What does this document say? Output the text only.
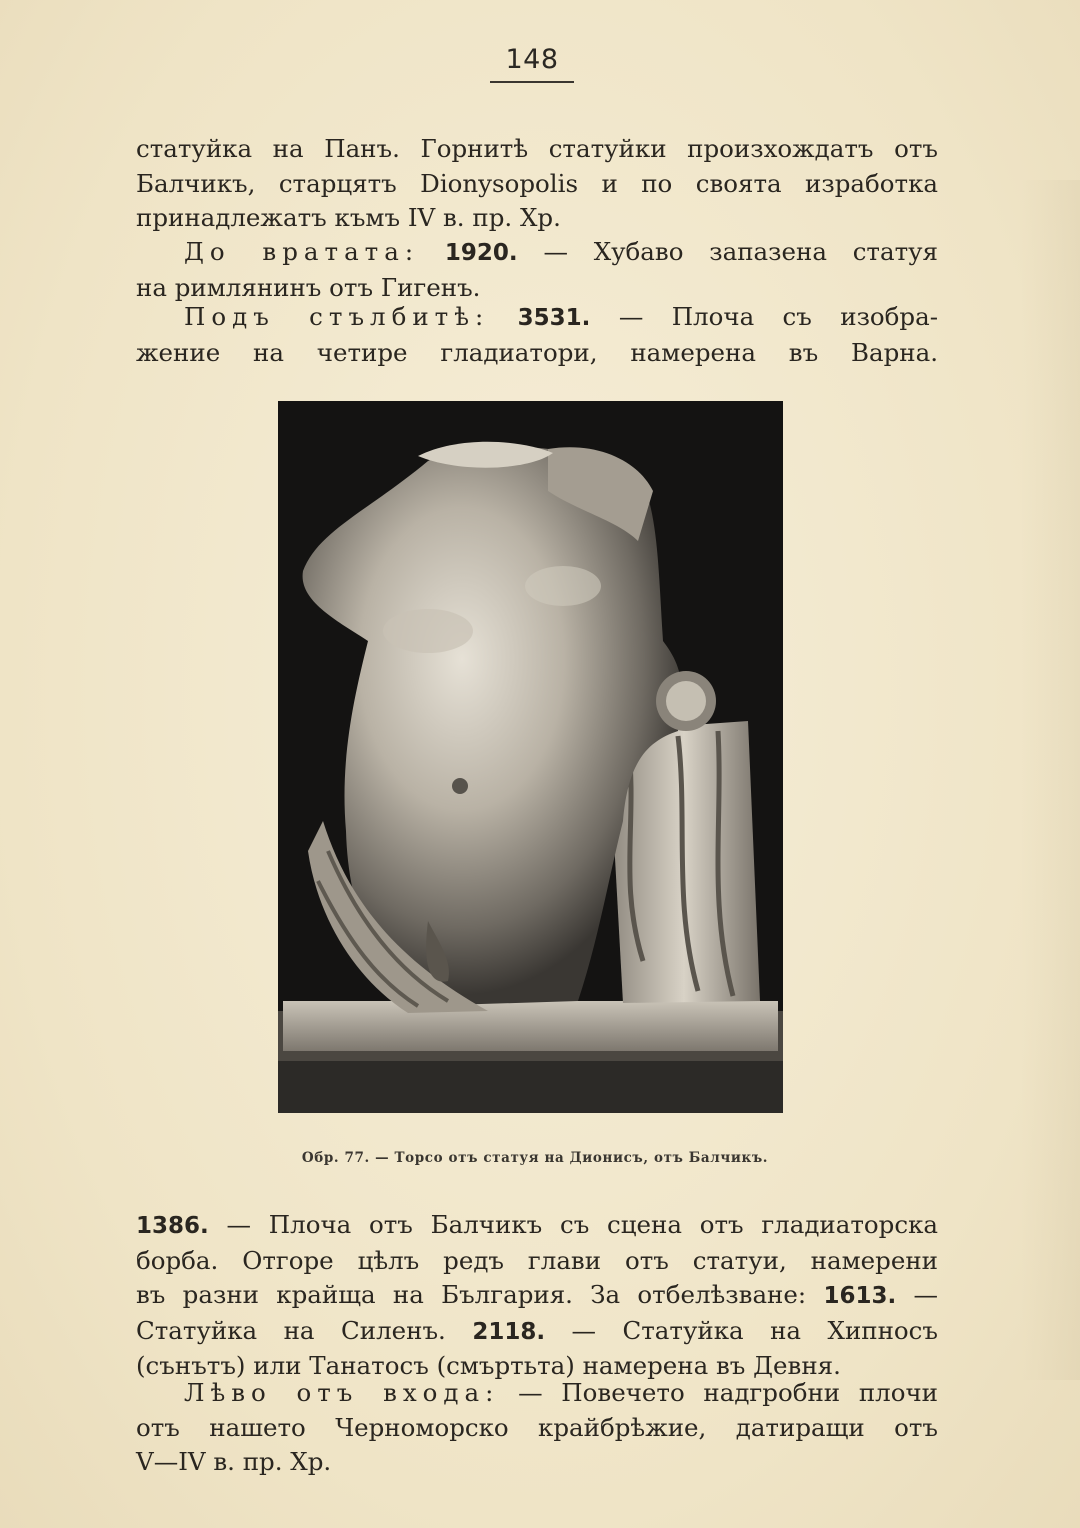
148
статуйка на Панъ. Горнитѣ статуйки произхождатъ отъ
Балчикъ, старцятъ Dionysopolis и по своята изработка
принадлежатъ къмъ IV в. пр. Хр.
До вратата: 1920. — Хубаво запазена статуя
на римлянинъ отъ Гигенъ.
Подъ стълбитѣ: 3531. — Плоча съ изобра-
жение на четире гладиатори, намерена въ Варна.
Обр. 77. — Торсо отъ статуя на Дионисъ, отъ Балчикъ.
1386. — Плоча отъ Балчикъ съ сцена отъ гладиаторска
борба. Отгоре цѣлъ редъ глави отъ статуи, намерени
въ разни крайща на България. За отбелѣзване: 1613. —
Статуйка на Силенъ. 2118. — Статуйка на Хипносъ
(сънътъ) или Танатосъ (смъртьта) намерена въ Девня.
Лѣво отъ входа: — Повечето надгробни плочи
отъ нашето Черноморско крайбрѣжие, датиращи отъ
V—IV в. пр. Хр.
